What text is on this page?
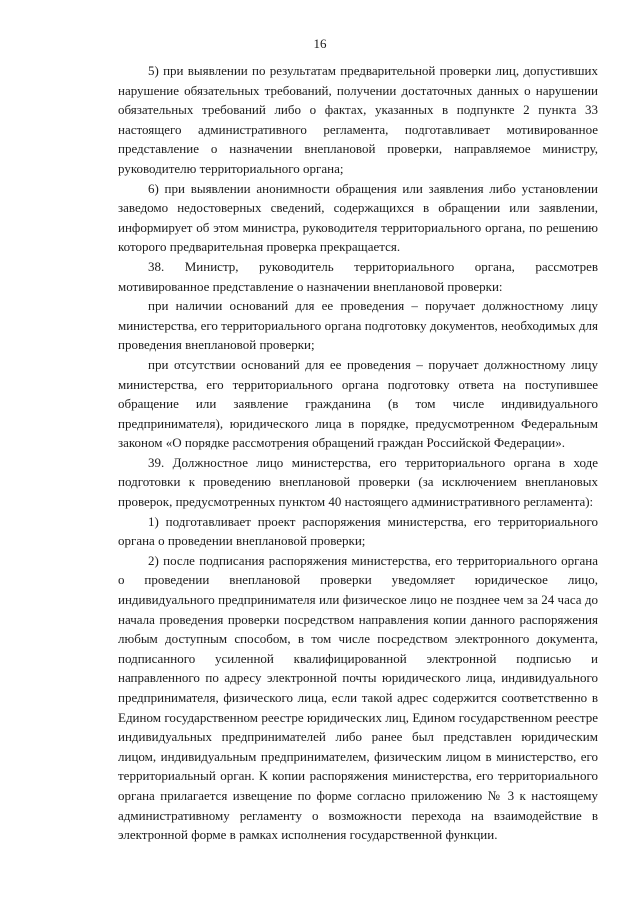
16

5) при выявлении по результатам предварительной проверки лиц, допустивших нарушение обязательных требований, получении достаточных данных о нарушении обязательных требований либо о фактах, указанных в подпункте 2 пункта 33 настоящего административного регламента, подготавливает мотивированное представление о назначении внеплановой проверки, направляемое министру, руководителю территориального органа;

6) при выявлении анонимности обращения или заявления либо установлении заведомо недостоверных сведений, содержащихся в обращении или заявлении, информирует об этом министра, руководителя территориального органа, по решению которого предварительная проверка прекращается.

38. Министр, руководитель территориального органа, рассмотрев мотивированное представление о назначении внеплановой проверки:

при наличии оснований для ее проведения – поручает должностному лицу министерства, его территориального органа подготовку документов, необходимых для проведения внеплановой проверки;

при отсутствии оснований для ее проведения – поручает должностному лицу министерства, его территориального органа подготовку ответа на поступившее обращение или заявление гражданина (в том числе индивидуального предпринимателя), юридического лица в порядке, предусмотренном Федеральным законом «О порядке рассмотрения обращений граждан Российской Федерации».

39. Должностное лицо министерства, его территориального органа в ходе подготовки к проведению внеплановой проверки (за исключением внеплановых проверок, предусмотренных пунктом 40 настоящего административного регламента):

1) подготавливает проект распоряжения министерства, его территориального органа о проведении внеплановой проверки;

2) после подписания распоряжения министерства, его территориального органа о проведении внеплановой проверки уведомляет юридическое лицо, индивидуального предпринимателя или физическое лицо не позднее чем за 24 часа до начала проведения проверки посредством направления копии данного распоряжения любым доступным способом, в том числе посредством электронного документа, подписанного усиленной квалифицированной электронной подписью и направленного по адресу электронной почты юридического лица, индивидуального предпринимателя, физического лица, если такой адрес содержится соответственно в Едином государственном реестре юридических лиц, Едином государственном реестре индивидуальных предпринимателей либо ранее был представлен юридическим лицом, индивидуальным предпринимателем, физическим лицом в министерство, его территориальный орган. К копии распоряжения министерства, его территориального органа прилагается извещение по форме согласно приложению № 3 к настоящему административному регламенту о возможности перехода на взаимодействие в электронной форме в рамках исполнения государственной функции.
